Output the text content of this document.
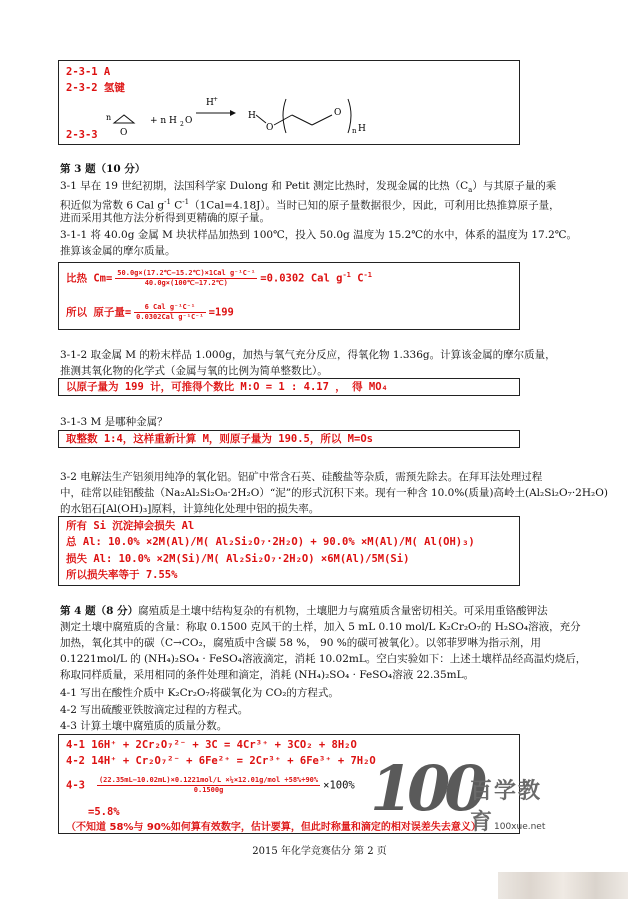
2-3-1 A
2-3-2 氢键
2-3-3
n
O
+ n H 2 O
H +
H
O
O
n H
第 3 题（10 分）
3-1 早在 19 世纪初期，法国科学家 Dulong 和 Petit 测定比热时，发现金属的比热$(C_a)$与其原子量的乘
积近似为常数 6 Cal $g^{-1}$ $C^{-1}(1Cal=4.18J)$。当时已知的原子量数据很少，因此，可利用比热推算原子量，
进而采用其他方法分析得到更精确的原子量。
3-1-1 将 40.0g 金属 M 块状样品加热到 100℃，投入 50.0g 温度为 15.2℃的水中，体系的温度为 17.2℃。
推算该金属的摩尔质量。
比热 $Cm= \frac{\text{50.0g×(17.2℃−15.2℃)×1Cal g⁻¹C⁻¹}}{40.0g\times(100℃-17.2℃)} =0.0302$ Cal $g^{-1}$ $C^{-1}$
所以 原子量= $\frac{\text{6 Cal g⁻¹C⁻¹}}{\text{0.0302Cal g⁻¹C⁻¹}} =199$
3-1-2 取金属 M 的粉末样品 1.000g，加热与氧气充分反应，得氧化物 1.336g。计算该金属的摩尔质量，
推测其氧化物的化学式（金属与氧的比例为简单整数比）。
以原子量为 199 计，可推得个数比 M:O = 1 : 4.17 ， 得 MO₄
3-1-3 M 是哪种金属？
取整数 1:4，这样重新计算 M，则原子量为 190.5，所以 M=Os
3-2 电解法生产铝须用纯净的氧化铝。铝矿中常含石英、硅酸盐等杂质，需预先除去。在拜耳法处理过程
中，硅常以硅铝酸盐（Na₂Al₂Si₂O₈·2H₂O）“泥”的形式沉积下来。现有一种含 10.0%(质量)高岭土(Al₂Si₂O₇·2H₂O)
的水铝石[Al(OH)₃]原料，计算纯化处理中铝的损失率。
所有 Si 沉淀掉会损失 Al
总 Al: 10.0% ×2M(Al)/M( Al₂Si₂O₇·2H₂O) + 90.0% ×M(Al)/M( Al(OH)₃)
损失 Al: 10.0% ×2M(Si)/M( Al₂Si₂O₇·2H₂O) ×6M(Al)/5M(Si)
所以损失率等于 7.55%
第 4 题（8 分）腐殖质是土壤中结构复杂的有机物，土壤肥力与腐殖质含量密切相关。可采用重铬酸钾法
测定土壤中腐殖质的含量：称取 0.1500 克风干的土样，加入 5 mL 0.10 mol/L K₂Cr₂O₇的 H₂SO₄溶液，充分
加热，氧化其中的碳（C→CO₂，腐殖质中含碳 58 %， 90 %的碳可被氧化）。以邻菲罗啉为指示剂，用
0.1221mol/L 的 (NH₄)₂SO₄ · FeSO₄溶液滴定，消耗 10.02mL。空白实验如下：上述土壤样品经高温灼烧后，
称取同样质量，采用相同的条件处理和滴定，消耗 (NH₄)₂SO₄ · FeSO₄溶液 22.35mL。
4-1 写出在酸性介质中 K₂Cr₂O₇将碳氧化为 CO₂的方程式。
4-2 写出硫酸亚铁胺滴定过程的方程式。
4-3 计算土壤中腐殖质的质量分数。
4-1 16H⁺ + 2Cr₂O₇²⁻ + 3C = 4Cr³⁺ + 3CO₂ + 8H₂O
4-2 14H⁺ + Cr₂O₇²⁻ + 6Fe²⁺ = 2Cr³⁺ + 6Fe³⁺ + 7H₂O
$4-3 \frac{\text{(22.35mL−10.02mL)×0.1221mol/L ×¼×12.01g/mol ÷58\%÷90\%}}{0.1500g} \times 100\%$
=5.8%
（不知道 58%与 90%如何算有效数字，估计要算，但此时称量和滴定的相对误差失去意义）
100
百学教育 100xue.net
2015 年化学竞赛估分 第 2 页
